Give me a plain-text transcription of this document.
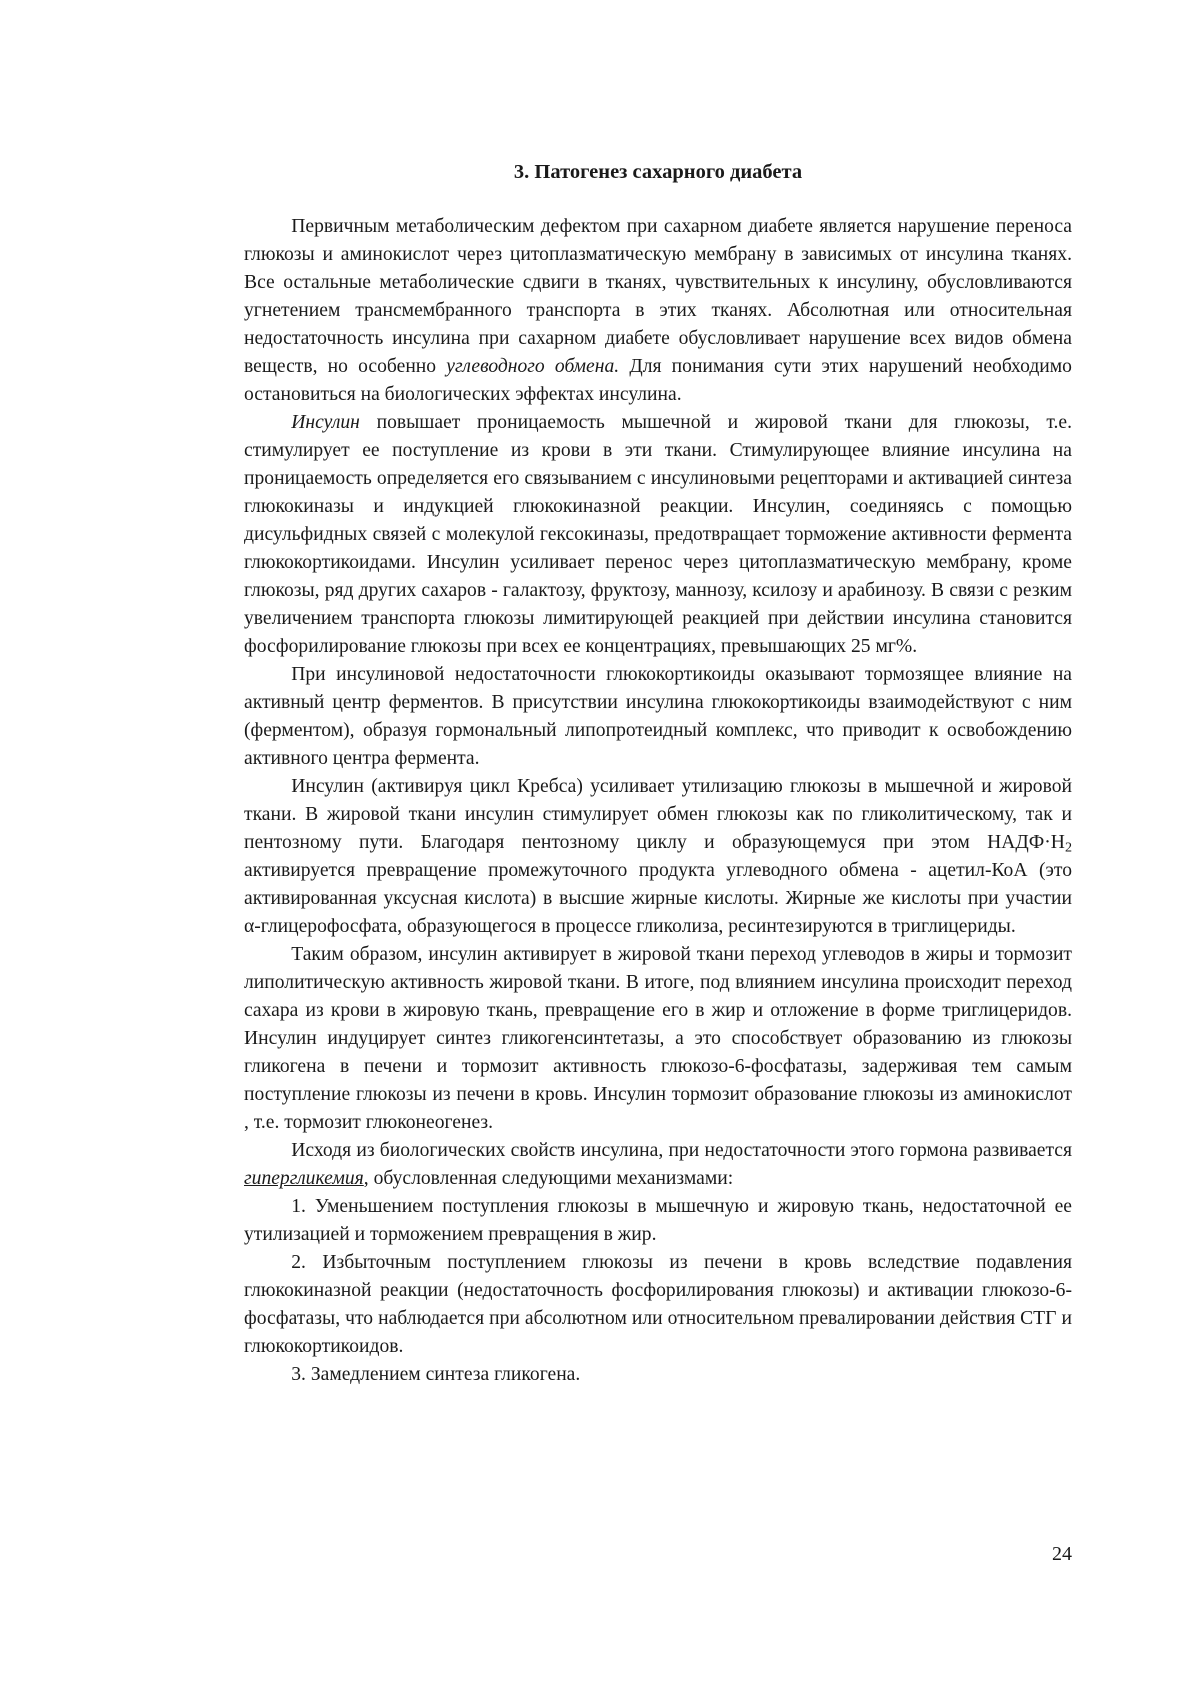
3. Патогенез сахарного диабета

Первичным метаболическим дефектом при сахарном диабете является нарушение переноса глюкозы и аминокислот через цитоплазматическую мембрану в зависимых от инсулина тканях. Все остальные метаболические сдвиги в тканях, чувствительных к инсулину, обусловливаются угнетением трансмембранного транспорта в этих тканях. Абсолютная или относительная недостаточность инсулина при сахарном диабете обусловливает нарушение всех видов обмена веществ, но особенно углеводного обмена. Для понимания сути этих нарушений необходимо остановиться на биологических эффектах инсулина.

Инсулин повышает проницаемость мышечной и жировой ткани для глюкозы, т.е. стимулирует ее поступление из крови в эти ткани. Стимулирующее влияние инсулина на проницаемость определяется его связыванием с инсулиновыми рецепторами и активацией синтеза глюкокиназы и индукцией глюкокиназной реакции. Инсулин, соединяясь с помощью дисульфидных связей с молекулой гексокиназы, предотвращает торможение активности фермента глюкокортикоидами. Инсулин усиливает перенос через цитоплазматическую мембрану, кроме глюкозы, ряд других сахаров - галактозу, фруктозу, маннозу, ксилозу и арабинозу. В связи с резким увеличением транспорта глюкозы лимитирующей реакцией при действии инсулина становится фосфорилирование глюкозы при всех ее концентрациях, превышающих 25 мг%.

При инсулиновой недостаточности глюкокортикоиды оказывают тормозящее влияние на активный центр ферментов. В присутствии инсулина глюкокортикоиды взаимодействуют с ним (ферментом), образуя гормональный липопротеидный комплекс, что приводит к освобождению активного центра фермента.

Инсулин (активируя цикл Кребса) усиливает утилизацию глюкозы в мышечной и жировой ткани. В жировой ткани инсулин стимулирует обмен глюкозы как по гликолитическому, так и пентозному пути. Благодаря пентозному циклу и образующемуся при этом $НАДФ\cdot Н_2$ активируется превращение промежуточного продукта углеводного обмена - ацетил-КоА (это активированная уксусная кислота) в высшие жирные кислоты. Жирные же кислоты при участии α-глицерофосфата, образующегося в процессе гликолиза, ресинтезируются в триглицериды.

Таким образом, инсулин активирует в жировой ткани переход углеводов в жиры и тормозит липолитическую активность жировой ткани. В итоге, под влиянием инсулина происходит переход сахара из крови в жировую ткань, превращение его в жир и отложение в форме триглицеридов. Инсулин индуцирует синтез гликогенсинтетазы, а это способствует образованию из глюкозы гликогена в печени и тормозит активность глюкозо-6-фосфатазы, задерживая тем самым поступление глюкозы из печени в кровь. Инсулин тормозит образование глюкозы из аминокислот , т.е. тормозит глюконеогенез.

Исходя из биологических свойств инсулина, при недостаточности этого гормона развивается гипергликемия, обусловленная следующими механизмами:

1. Уменьшением поступления глюкозы в мышечную и жировую ткань, недостаточной ее утилизацией и торможением превращения в жир.

2. Избыточным поступлением глюкозы из печени в кровь вследствие подавления глюкокиназной реакции (недостаточность фосфорилирования глюкозы) и активации глюкозо-6-фосфатазы, что наблюдается при абсолютном или относительном превалировании действия СТГ и глюкокортикоидов.

3. Замедлением синтеза гликогена.

24
